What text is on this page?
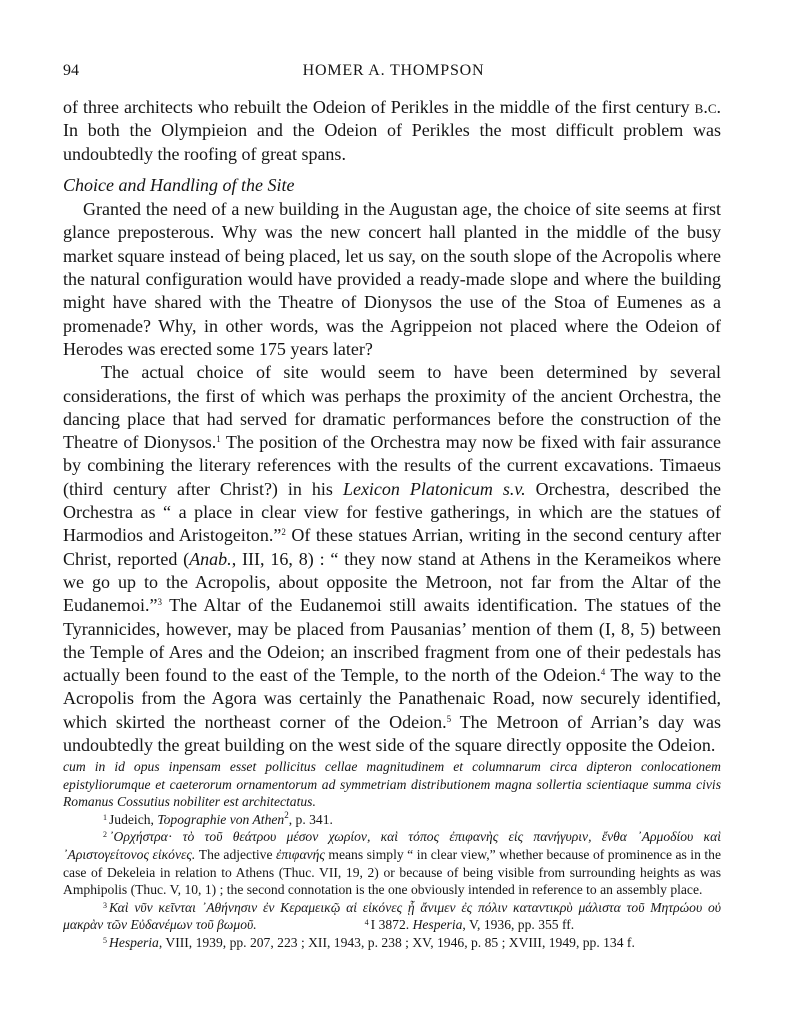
94	HOMER A. THOMPSON

of three architects who rebuilt the Odeion of Perikles in the middle of the first century b.c. In both the Olympieion and the Odeion of Perikles the most difficult problem was undoubtedly the roofing of great spans.

Choice and Handling of the Site

Granted the need of a new building in the Augustan age, the choice of site seems at first glance preposterous. Why was the new concert hall planted in the middle of the busy market square instead of being placed, let us say, on the south slope of the Acropolis where the natural configuration would have provided a ready-made slope and where the building might have shared with the Theatre of Dionysos the use of the Stoa of Eumenes as a promenade? Why, in other words, was the Agrippeion not placed where the Odeion of Herodes was erected some 175 years later?

The actual choice of site would seem to have been determined by several considerations, the first of which was perhaps the proximity of the ancient Orchestra, the dancing place that had served for dramatic performances before the construction of the Theatre of Dionysos.$^1$ The position of the Orchestra may now be fixed with fair assurance by combining the literary references with the results of the current excavations. Timaeus (third century after Christ?) in his Lexicon Platonicum s.v. Orchestra, described the Orchestra as “ a place in clear view for festive gatherings, in which are the statues of Harmodios and Aristogeiton.”$^2$ Of these statues Arrian, writing in the second century after Christ, reported (Anab., III, 16, 8) : “ they now stand at Athens in the Kerameikos where we go up to the Acropolis, about opposite the Metroon, not far from the Altar of the Eudanemoi.”$^3$ The Altar of the Eudanemoi still awaits identification. The statues of the Tyrannicides, however, may be placed from Pausanias’ mention of them (I, 8, 5) between the Temple of Ares and the Odeion; an inscribed fragment from one of their pedestals has actually been found to the east of the Temple, to the north of the Odeion.$^4$ The way to the Acropolis from the Agora was certainly the Panathenaic Road, now securely identified, which skirted the northeast corner of the Odeion.$^5$ The Metroon of Arrian’s day was undoubtedly the great building on the west side of the square directly opposite the Odeion.

cum in id opus inpensam esset pollicitus cellae magnitudinem et columnarum circa dipteron conlocationem epistyliorumque et caeterorum ornamentorum ad symmetriam distributionem magna sollertia scientiaque summa civis Romanus Cossutius nobiliter est architectatus.

$^1$ Judeich, Topographie von Athen$^2$, p. 341.

$^2$ ᾿Ορχήστρα· τὸ τοῦ θεάτρου μέσον χωρίον, καὶ τόπος ἐπιφανὴς εἰς πανήγυριν, ἔνθα ᾿Αρμοδίου καὶ ᾿Αριστογείτονος εἰκόνες. The adjective ἐπιφανής means simply “ in clear view,” whether because of prominence as in the case of Dekeleia in relation to Athens (Thuc. VII, 19, 2) or because of being visible from surrounding heights as was Amphipolis (Thuc. V, 10, 1) ; the second connotation is the one obviously intended in reference to an assembly place.

$^3$ Καὶ νῦν κεῖνται ᾿Αθήνησιν ἐν Κεραμεικῷ αἱ εἰκόνες ᾗ ἄνιμεν ἐς πόλιν καταντικρὺ μάλιστα τοῦ Μητρώου οὐ μακρὰν τῶν Εὐδανέμων τοῦ βωμοῦ.	$^4$ I 3872. Hesperia, V, 1936, pp. 355 ff.

$^5$ Hesperia, VIII, 1939, pp. 207, 223 ; XII, 1943, p. 238 ; XV, 1946, p. 85 ; XVIII, 1949, pp. 134 f.
